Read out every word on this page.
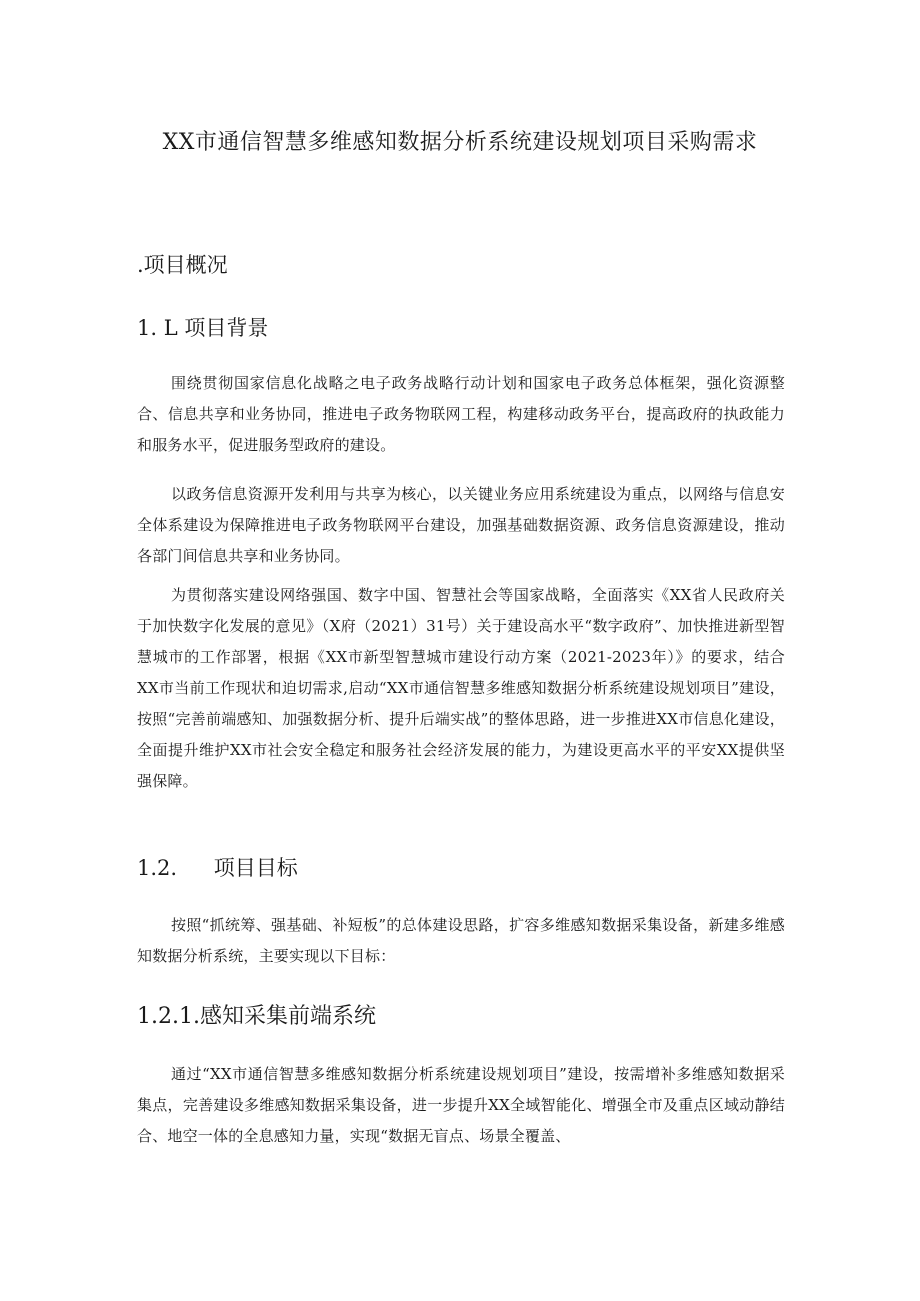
XX市通信智慧多维感知数据分析系统建设规划项目采购需求
.项目概况
1. L 项目背景

围绕贯彻国家信息化战略之电子政务战略行动计划和国家电子政务总体框架，强化资源整合、信息共享和业务协同，推进电子政务物联网工程，构建移动政务平台，提高政府的执政能力和服务水平，促进服务型政府的建设。

以政务信息资源开发利用与共享为核心，以关键业务应用系统建设为重点，以网络与信息安全体系建设为保障推进电子政务物联网平台建设，加强基础数据资源、政务信息资源建设，推动各部门间信息共享和业务协同。

为贯彻落实建设网络强国、数字中国、智慧社会等国家战略，全面落实《XX省人民政府关于加快数字化发展的意见》（X府（2021）31号）关于建设高水平“数字政府”、加快推进新型智慧城市的工作部署，根据《XX市新型智慧城市建设行动方案（2021-2023年）》的要求，结合XX市当前工作现状和迫切需求,启动“XX市通信智慧多维感知数据分析系统建设规划项目”建设，按照“完善前端感知、加强数据分析、提升后端实战”的整体思路，进一步推进XX市信息化建设，全面提升维护XX市社会安全稳定和服务社会经济发展的能力，为建设更高水平的平安XX提供坚强保障。

1.2. 项目目标

按照“抓统筹、强基础、补短板”的总体建设思路，扩容多维感知数据采集设备，新建多维感知数据分析系统，主要实现以下目标：

1.2.1.感知采集前端系统

通过“XX市通信智慧多维感知数据分析系统建设规划项目”建设，按需增补多维感知数据采集点，完善建设多维感知数据采集设备，进一步提升XX全域智能化、增强全市及重点区域动静结合、地空一体的全息感知力量，实现“数据无盲点、场景全覆盖、
